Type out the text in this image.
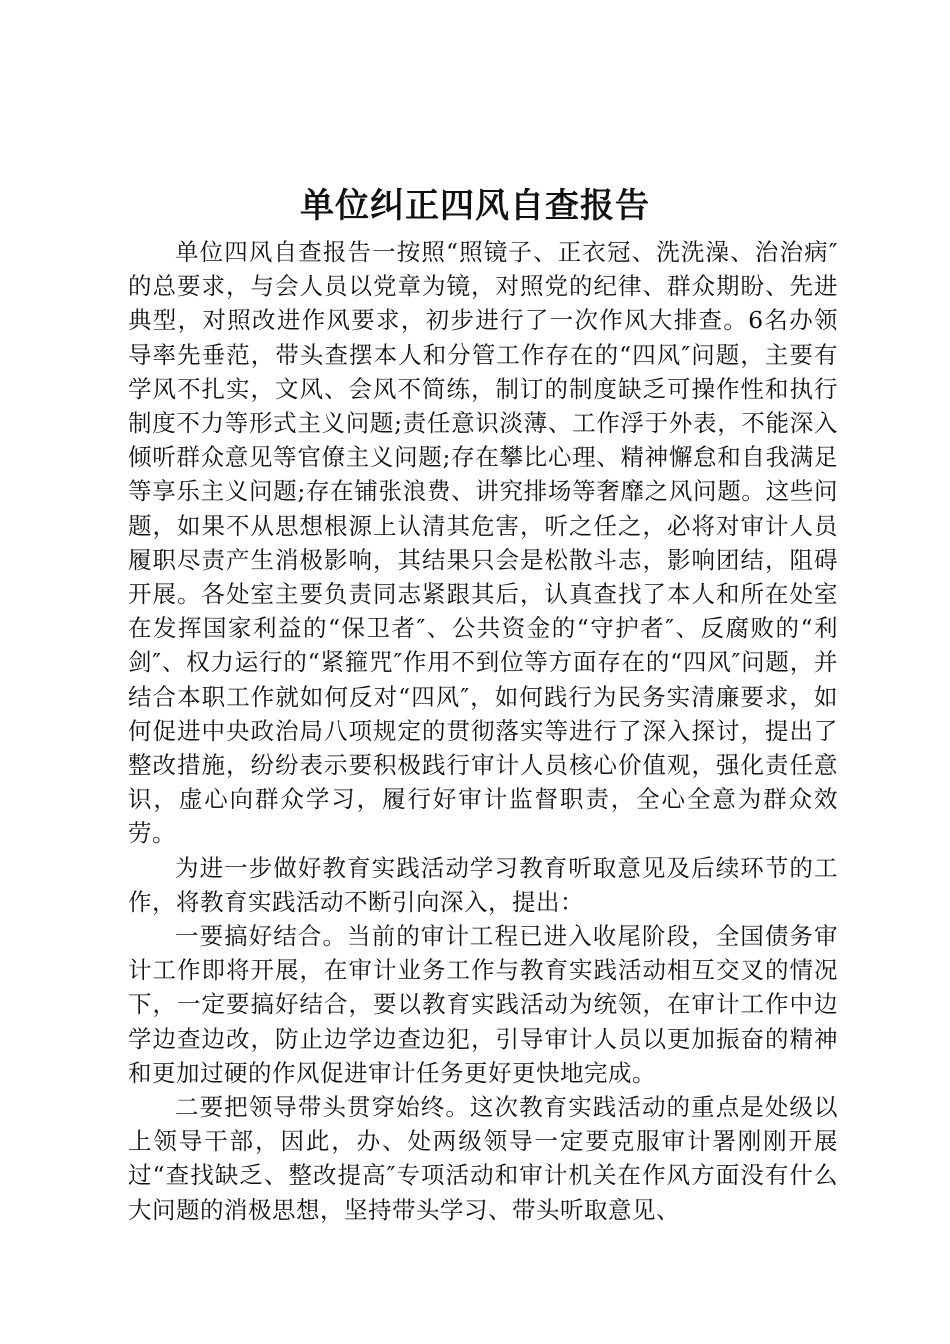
单位纠正四风自查报告

单位四风自查报告一按照“照镜子、正衣冠、洗洗澡、治治病″的总要求，与会人员以党章为镜，对照党的纪律、群众期盼、先进典型，对照改进作风要求，初步进行了一次作风大排查。6名办领导率先垂范，带头查摆本人和分管工作存在的“四风″问题，主要有学风不扎实，文风、会风不简练，制订的制度缺乏可操作性和执行制度不力等形式主义问题;责任意识淡薄、工作浮于外表，不能深入倾听群众意见等官僚主义问题;存在攀比心理、精神懈怠和自我满足等享乐主义问题;存在铺张浪费、讲究排场等奢靡之风问题。这些问题，如果不从思想根源上认清其危害，听之任之，必将对审计人员履职尽责产生消极影响，其结果只会是松散斗志，影响团结，阻碍开展。各处室主要负责同志紧跟其后，认真查找了本人和所在处室在发挥国家利益的“保卫者″、公共资金的“守护者″、反腐败的“利剑″、权力运行的“紧箍咒″作用不到位等方面存在的“四风″问题，并结合本职工作就如何反对“四风″，如何践行为民务实清廉要求，如何促进中央政治局八项规定的贯彻落实等进行了深入探讨，提出了整改措施，纷纷表示要积极践行审计人员核心价值观，强化责任意识，虚心向群众学习，履行好审计监督职责，全心全意为群众效劳。

为进一步做好教育实践活动学习教育听取意见及后续环节的工作，将教育实践活动不断引向深入，提出：

一要搞好结合。当前的审计工程已进入收尾阶段，全国债务审计工作即将开展，在审计业务工作与教育实践活动相互交叉的情况下，一定要搞好结合，要以教育实践活动为统领，在审计工作中边学边查边改，防止边学边查边犯，引导审计人员以更加振奋的精神和更加过硬的作风促进审计任务更好更快地完成。

二要把领导带头贯穿始终。这次教育实践活动的重点是处级以上领导干部，因此，办、处两级领导一定要克服审计署刚刚开展过“查找缺乏、整改提高″专项活动和审计机关在作风方面没有什么大问题的消极思想，坚持带头学习、带头听取意见、
